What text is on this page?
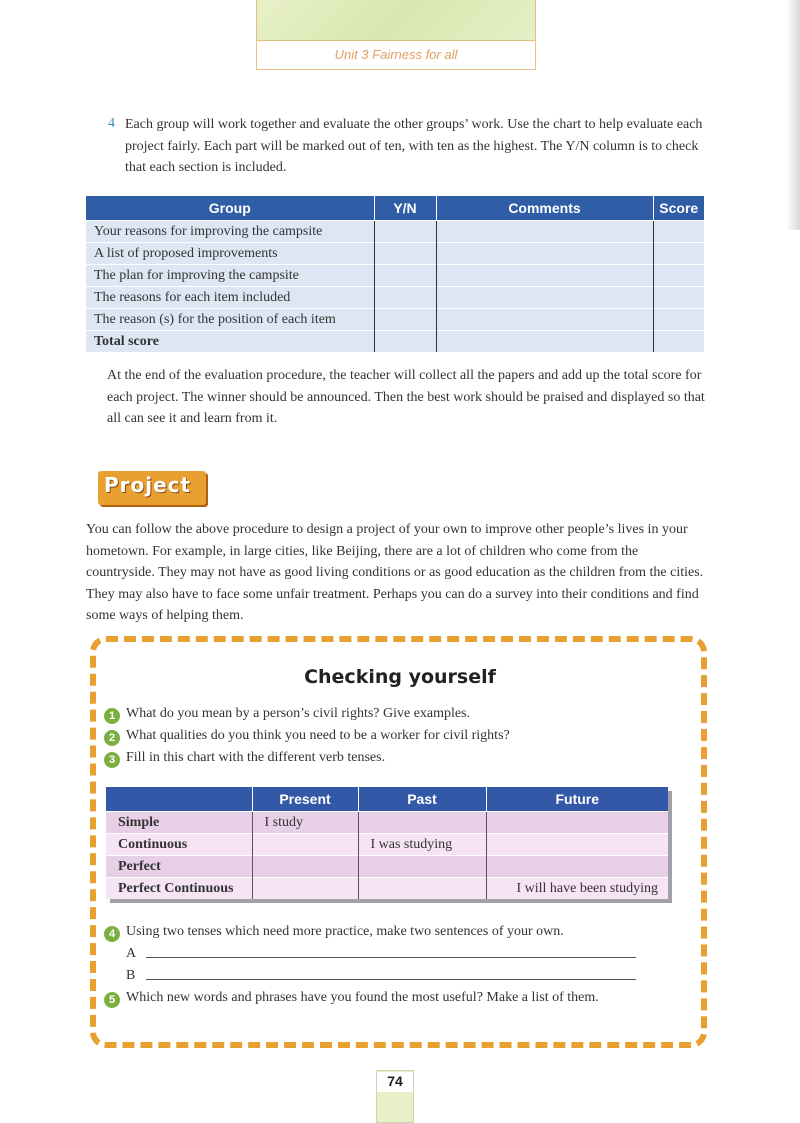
Unit 3 Fairness for all
4 Each group will work together and evaluate the other groups’ work. Use the chart to help evaluate each project fairly. Each part will be marked out of ten, with ten as the highest. The Y/N column is to check that each section is included.
Group	Y/N	Comments	Score
Your reasons for improving the campsite			
A list of proposed improvements			
The plan for improving the campsite			
The reasons for each item included			
The reason (s) for the position of each item			
Total score			
At the end of the evaluation procedure, the teacher will collect all the papers and add up the total score for each project. The winner should be announced. Then the best work should be praised and displayed so that all can see it and learn from it.
Project
You can follow the above procedure to design a project of your own to improve other people’s lives in your hometown. For example, in large cities, like Beijing, there are a lot of children who come from the countryside. They may not have as good living conditions or as good education as the children from the cities. They may also have to face some unfair treatment. Perhaps you can do a survey into their conditions and find some ways of helping them.
Checking yourself
1 What do you mean by a person’s civil rights? Give examples.
2 What qualities do you think you need to be a worker for civil rights?
3 Fill in this chart with the different verb tenses.
	Present	Past	Future
Simple	I study		
Continuous		I was studying	
Perfect			
Perfect Continuous			I will have been studying
4 Using two tenses which need more practice, make two sentences of your own.
A
B
5 Which new words and phrases have you found the most useful? Make a list of them.
74
